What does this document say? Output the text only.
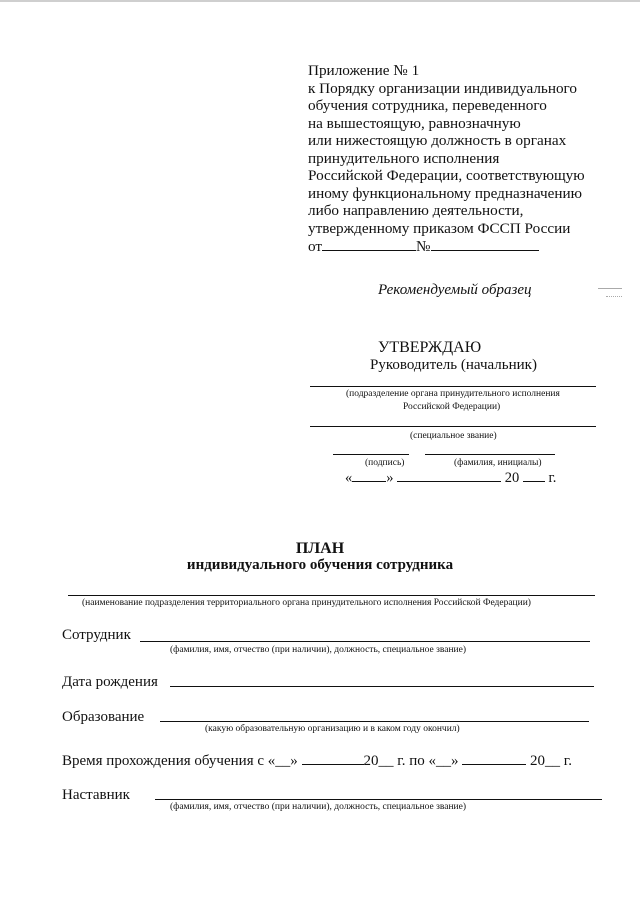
Приложение № 1
к Порядку организации индивидуального
обучения сотрудника, переведенного
на вышестоящую, равнозначную
или нижестоящую должность в органах
принудительного исполнения
Российской Федерации, соответствующую
иному функциональному предназначению
либо направлению деятельности,
утвержденному приказом ФССП России
от	№
Рекомендуемый образец
УТВЕРЖДАЮ
Руководитель (начальник)
(подразделение органа принудительного исполнения
Российской Федерации)
(специальное звание)
(подпись)	(фамилия, инициалы)
« »	20 г.
ПЛАН
индивидуального обучения сотрудника
(наименование подразделения территориального органа принудительного исполнения Российской Федерации)
Сотрудник
(фамилия, имя, отчество (при наличии), должность, специальное звание)
Дата рождения
Образование
(какую образовательную организацию и в каком году окончил)
Время прохождения обучения с «__»	20__ г. по «__»	20__ г.
Наставник
(фамилия, имя, отчество (при наличии), должность, специальное звание)
